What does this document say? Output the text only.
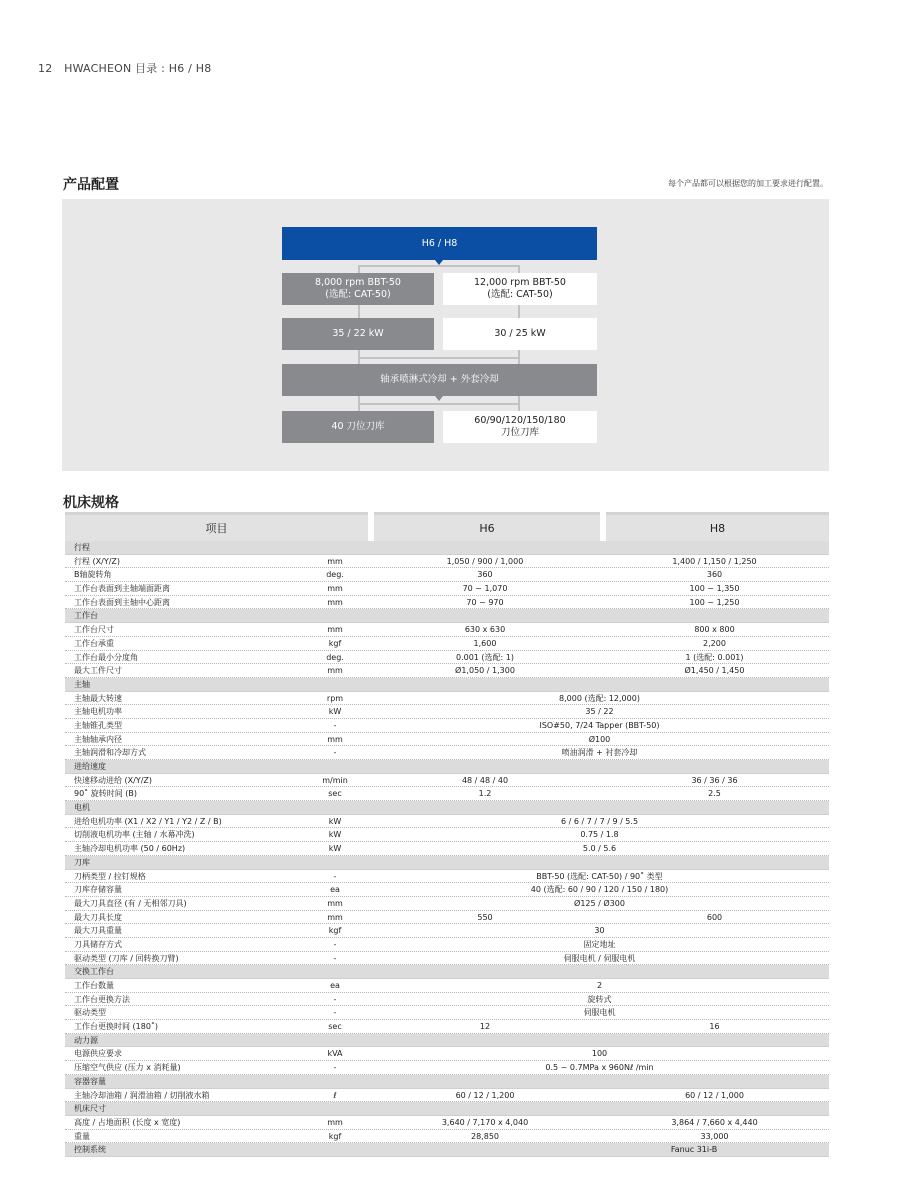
12 HWACHEON 目录 : H6 / H8
产品配置	每个产品都可以根据您的加工要求进行配置。
H6 / H8
8,000 rpm BBT-50
(选配: CAT-50)
12,000 rpm BBT-50
(选配: CAT-50)
35 / 22 kW	30 / 25 kW
轴承喷淋式冷却 + 外套冷却
40 刀位刀库
60/90/120/150/180
刀位刀库
机床规格
项目	H6	H8
行程
行程 (X/Y/Z)	mm	1,050 / 900 / 1,000	1,400 / 1,150 / 1,250
B轴旋转角	deg.	360	360
工作台表面到主轴端面距离	mm	70 ~ 1,070	100 ~ 1,350
工作台表面到主轴中心距离	mm	70 ~ 970	100 ~ 1,250
工作台
工作台尺寸	mm	630 x 630	800 x 800
工作台承重	kgf	1,600	2,200
工作台最小分度角	deg.	0.001 (选配: 1)	1 (选配: 0.001)
最大工件尺寸	mm	Ø1,050 / 1,300	Ø1,450 / 1,450
主轴
主轴最大转速	rpm	8,000 (选配: 12,000)
主轴电机功率	kW	35 / 22
主轴锥孔类型	-	ISO#50, 7/24 Tapper (BBT-50)
主轴轴承内径	mm	Ø100
主轴润滑和冷却方式	-	喷油润滑 + 衬套冷却
进给速度
快速移动进给 (X/Y/Z)	m/min	48 / 48 / 40	36 / 36 / 36
90˚ 旋转时间 (B)	sec	1.2	2.5
电机
进给电机功率 (X1 / X2 / Y1 / Y2 / Z / B)	kW	6 / 6 / 7 / 7 / 9 / 5.5
切削液电机功率 (主轴 / 水幕冲洗)	kW	0.75 / 1.8
主轴冷却电机功率 (50 / 60Hz)	kW	5.0 / 5.6
刀库
刀柄类型 / 拉钉规格	-	BBT-50 (选配: CAT-50) / 90˚ 类型
刀库存储容量	ea	40 (选配: 60 / 90 / 120 / 150 / 180)
最大刀具直径 (有 / 无相邻刀具)	mm	Ø125 / Ø300
最大刀具长度	mm	550	600
最大刀具重量	kgf	30
刀具储存方式	-	固定地址
驱动类型 (刀库 / 回转换刀臂)	-	伺服电机 / 伺服电机
交换工作台
工作台数量	ea	2
工作台更换方法	-	旋转式
驱动类型	-	伺服电机
工作台更换时间 (180˚)	sec	12	16
动力源
电源供应要求	kVA	100
压缩空气供应 (压力 x 消耗量)	-	0.5 ~ 0.7MPa x 960Nℓ /min
容器容量
主轴冷却油箱 / 润滑油箱 / 切削液水箱	ℓ	60 / 12 / 1,200	60 / 12 / 1,000
机床尺寸
高度 / 占地面积 (长度 x 宽度)	mm	3,640 / 7,170 x 4,040	3,864 / 7,660 x 4,440
重量	kgf	28,850	33,000
控制系统	Fanuc 31i-B
